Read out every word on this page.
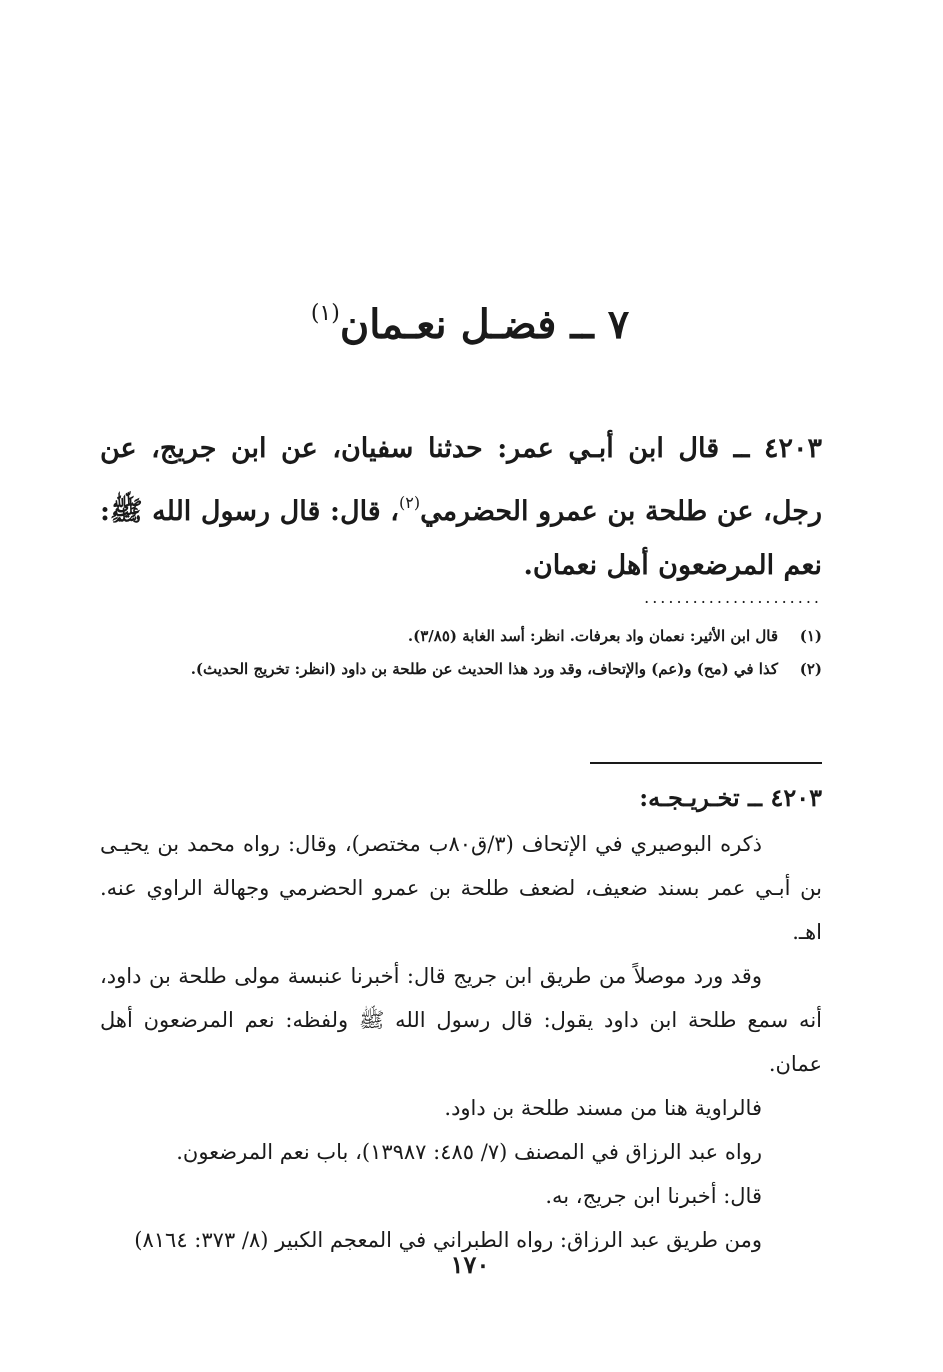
٧ ــ فضـل نعـمان$^{(١)}$
٤٢٠٣ ــ قال ابن أبـي عمر: حدثنا سفيان، عن ابن جريج، عن رجل، عن طلحة بن عمرو الحضرمي$^{(٢)}$، قال: قال رسول الله ﷺ: نعم المرضعون أهل نعمان.
......................
(١)
قال ابن الأثير: نعمان واد بعرفات. انظر: أسد الغابة (٣/٨٥).
(٢)
كذا في (مح) و(عم) والإتحاف، وقد ورد هذا الحديث عن طلحة بن داود (انظر: تخريج الحديث).
٤٢٠٣ ــ تخـريـجـه:

ذكره البوصيري في الإتحاف (٣/ق٨٠ب مختصر)، وقال: رواه محمد بن يحيـى بن أبـي عمر بسند ضعيف، لضعف طلحة بن عمرو الحضرمي وجهالة الراوي عنه. اهـ.

وقد ورد موصلاً من طريق ابن جريج قال: أخبرنا عنبسة مولى طلحة بن داود، أنه سمع طلحة ابن داود يقول: قال رسول الله ﷺ ولفظه: نعم المرضعون أهل عمان.

فالراوية هنا من مسند طلحة بن داود.

رواه عبد الرزاق في المصنف (٧/ ٤٨٥: ١٣٩٨٧)، باب نعم المرضعون.

قال: أخبرنا ابن جريج، به.

ومن طريق عبد الرزاق: رواه الطبراني في المعجم الكبير (٨/ ٣٧٣: ٨١٦٤)

١٧٠
